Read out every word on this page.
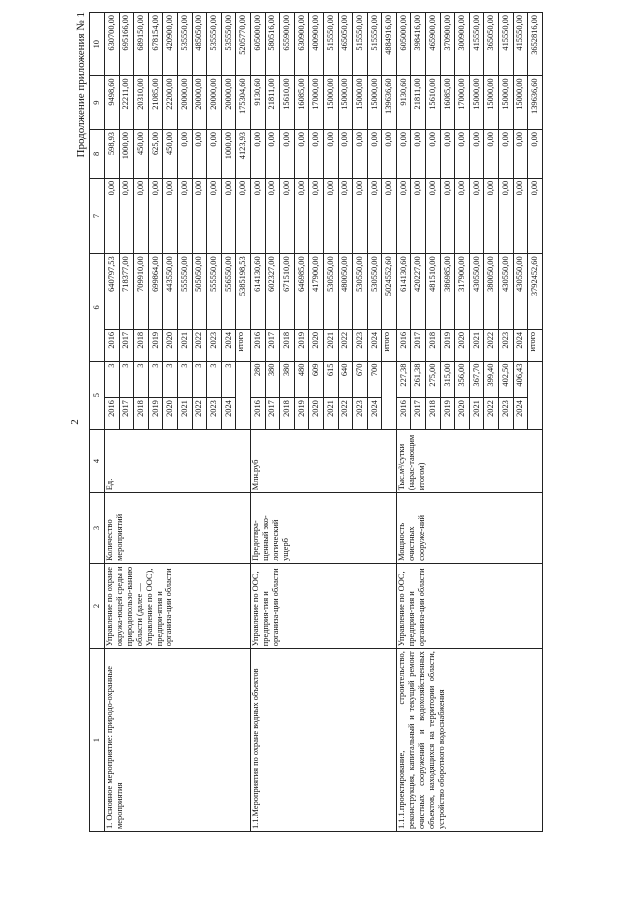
2
Продолжение приложения № 1
1	2	3	4	5		6		7	8	9	10
1. Основное мероприятие: природо-охранные мероприятия	Управление по охране окружа-ющей среды и природопользо-ванию области (далее — Управление по ООС), предпри-ятия и организа-ции области	Количество мероприятий	Ед.	2016	3	2016	640797,53	0,00	598,93	9498,60	630700,00
				2017	3	2017	718377,00	0,00	1000,00	22211,00	695166,00
				2018	3	2018	709910,00	0,00	450,00	20310,00	689150,00
				2019	3	2019	699864,00	0,00	625,00	21085,00	678154,00
				2020	3	2020	443550,00	0,00	450,00	22200,00	420900,00
				2021	3	2021	555550,00	0,00	0,00	20000,00	535550,00
				2022	3	2022	505050,00	0,00	0,00	20000,00	485050,00
				2023	3	2023	555550,00	0,00	0,00	20000,00	535550,00
				2024	3	2024	556550,00	0,00	1000,00	20000,00	535550,00
						итого	5385198,53	0,00	4123,93	175304,60	5205770,00
1.1.Мероприятия по охране водных объектов	Управление по ООС, предприя-тия и организа-ции области	Предотвра-щенный эко-логический ущерб	Млн.руб	2016	280	2016	614130,60	0,00	0,00	9130,60	605000,00
				2017	380	2017	602327,00	0,00	0,00	21811,00	580516,00
				2018	380	2018	671510,00	0,00	0,00	15610,00	655900,00
				2019	480	2019	646985,00	0,00	0,00	16085,00	630900,00
				2020	609	2020	417900,00	0,00	0,00	17000,00	400900,00
				2021	615	2021	530550,00	0,00	0,00	15000,00	515550,00
				2022	640	2022	480050,00	0,00	0,00	15000,00	465050,00
				2023	670	2023	530550,00	0,00	0,00	15000,00	515550,00
				2024	700	2024	530550,00	0,00	0,00	15000,00	515550,00
						итого	5024552,60	0,00	0,00	139636,60	4884916,00
1.1.1.проектирование, строительство, реконструкция, капитальный и текущий ремонт очистных сооружений и водохозяйственных объектов, находящихся на территории области, устройство оборотного водоснабжения	Управление по ООС, предприя-тия и организа-ции области	Мощность очистных сооруже-ний	Тыс.м³/сутки (нарас-тающим итогом)	2016	227,38	2016	614130,60	0,00	0,00	9130,60	605000,00
				2017	261,38	2017	420227,00	0,00	0,00	21811,00	398416,00
				2018	275,00	2018	481510,00	0,00	0,00	15610,00	465900,00
				2019	315,00	2019	386985,00	0,00	0,00	16085,00	370900,00
				2020	356,00	2020	317900,00	0,00	0,00	17000,00	300900,00
				2021	367,70	2021	430550,00	0,00	0,00	15000,00	415550,00
				2022	399,40	2022	380050,00	0,00	0,00	15000,00	365050,00
				2023	402,50	2023	430550,00	0,00	0,00	15000,00	415550,00
				2024	406,43	2024	430550,00	0,00	0,00	15000,00	415550,00
						итого	3792452,60	0,00	0,00	139636,60	3652816,00
